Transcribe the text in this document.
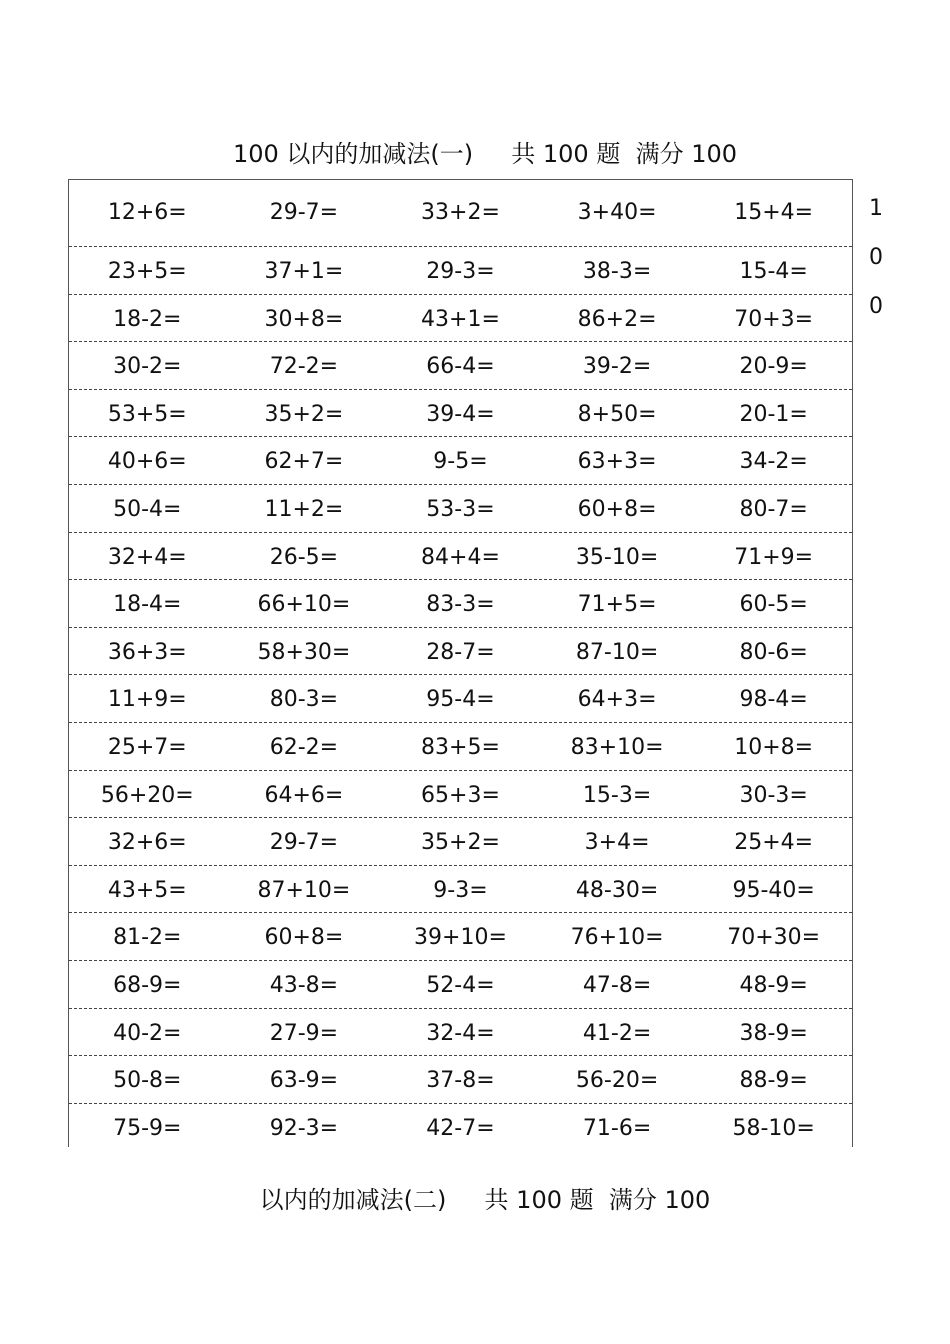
100 以内的加减法(一)     共 100 题  满分 100
12+6=	29-7=	33+2=	3+40=	15+4=
23+5=	37+1=	29-3=	38-3=	15-4=
18-2=	30+8=	43+1=	86+2=	70+3=
30-2=	72-2=	66-4=	39-2=	20-9=
53+5=	35+2=	39-4=	8+50=	20-1=
40+6=	62+7=	9-5=	63+3=	34-2=
50-4=	11+2=	53-3=	60+8=	80-7=
32+4=	26-5=	84+4=	35-10=	71+9=
18-4=	66+10=	83-3=	71+5=	60-5=
36+3=	58+30=	28-7=	87-10=	80-6=
11+9=	80-3=	95-4=	64+3=	98-4=
25+7=	62-2=	83+5=	83+10=	10+8=
56+20=	64+6=	65+3=	15-3=	30-3=
32+6=	29-7=	35+2=	3+4=	25+4=
43+5=	87+10=	9-3=	48-30=	95-40=
81-2=	60+8=	39+10=	76+10=	70+30=
68-9=	43-8=	52-4=	47-8=	48-9=
40-2=	27-9=	32-4=	41-2=	38-9=
50-8=	63-9=	37-8=	56-20=	88-9=
75-9=	92-3=	42-7=	71-6=	58-10=
1
0
0
以内的加减法(二)     共 100 题  满分 100
